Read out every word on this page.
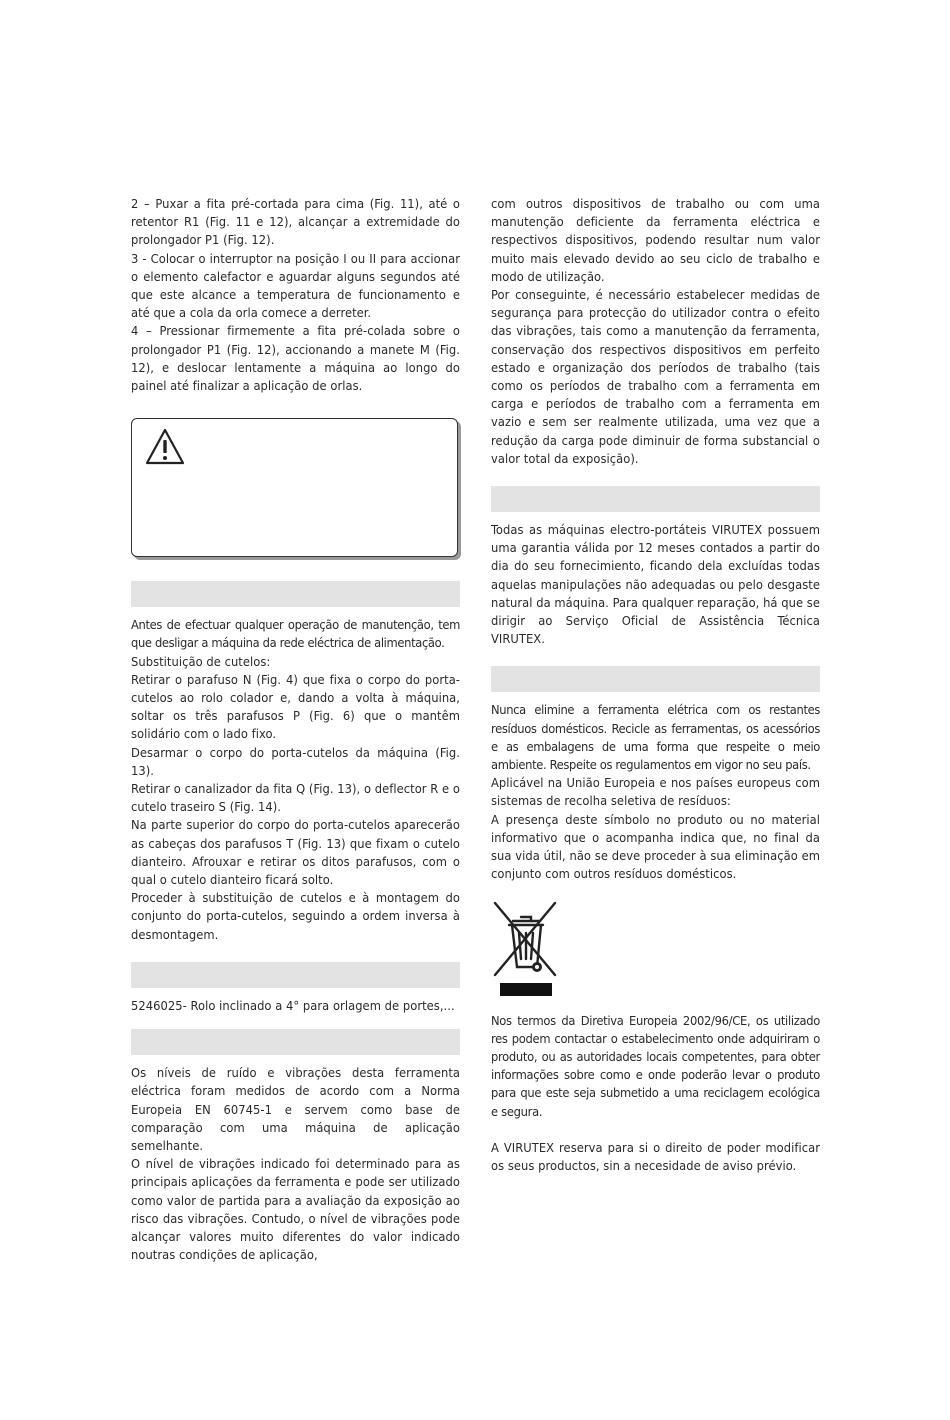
2 – Puxar a fita pré-cortada para cima (Fig. 11), até o retentor R1 (Fig. 11 e 12), alcançar a extremidade do prolongador P1 (Fig. 12).

3 - Colocar o interruptor na posição I ou II para accionar o elemento calefactor e aguardar alguns segundos até que este alcance a temperatura de funcionamento e até que a cola da orla comece a derreter.

4 – Pressionar firmemente a fita pré-colada sobre o prolongador P1 (Fig. 12), accionando a manete M (Fig. 12), e deslocar lentamente a máquina ao longo do painel até finalizar a aplicação de orlas.

Antes de efectuar qualquer operação de manutenção, tem que desligar a máquina da rede eléctrica de alimentação.

Substituição de cutelos:

Retirar o parafuso N (Fig. 4) que fixa o corpo do porta-cutelos ao rolo colador e, dando a volta à máquina, soltar os três parafusos P (Fig. 6) que o mantêm solidário com o lado fixo.

Desarmar o corpo do porta-cutelos da máquina (Fig. 13).

Retirar o canalizador da fita Q (Fig. 13), o deflector R e o cutelo traseiro S (Fig. 14).

Na parte superior do corpo do porta-cutelos aparecerão as cabeças dos parafusos T (Fig. 13) que fixam o cutelo dianteiro. Afrouxar e retirar os ditos parafusos, com o qual o cutelo dianteiro ficará solto.

Proceder à substituição de cutelos e à montagem do conjunto do porta-cutelos, seguindo a ordem inversa à desmontagem.

5246025- Rolo inclinado a 4° para orlagem de portes,...

Os níveis de ruído e vibrações desta ferramenta eléctrica foram medidos de acordo com a Norma Europeia EN 60745-1 e servem como base de comparação com uma máquina de aplicação semelhante.

O nível de vibrações indicado foi determinado para as principais aplicações da ferramenta e pode ser utilizado como valor de partida para a avaliação da exposição ao risco das vibrações. Contudo, o nível de vibrações pode alcançar valores muito diferentes do valor indicado noutras condições de aplicação,

com outros dispositivos de trabalho ou com uma manutenção deficiente da ferramenta eléctrica e respectivos dispositivos, podendo resultar num valor muito mais elevado devido ao seu ciclo de trabalho e modo de utilização.

Por conseguinte, é necessário estabelecer medidas de segurança para protecção do utilizador contra o efeito das vibrações, tais como a manutenção da ferramenta, conservação dos respectivos dispositivos em perfeito estado e organização dos períodos de trabalho (tais como os períodos de trabalho com a ferramenta em carga e períodos de trabalho com a ferramenta em vazio e sem ser realmente utilizada, uma vez que a redução da carga pode diminuir de forma substancial o valor total da exposição).

Todas as máquinas electro-portáteis VIRUTEX possuem uma garantia válida por 12 meses contados a partir do dia do seu fornecimiento, ficando dela excluídas todas aquelas manipulações não adequadas ou pelo desgaste natural da máquina. Para qualquer reparação, há que se dirigir ao Serviço Oficial de Assistência Técnica VIRUTEX.

Nunca elimine a ferramenta elétrica com os restantes resíduos domésticos. Recicle as ferramentas, os acessórios e as embalagens de uma forma que respeite o meio ambiente. Respeite os regulamentos em vigor no seu país.

Aplicável na União Europeia e nos países europeus com sistemas de recolha seletiva de resíduos:

A presença deste símbolo no produto ou no material informativo que o acompanha indica que, no final da sua vida útil, não se deve proceder à sua eliminação em conjunto com outros resíduos domésticos.

Nos termos da Diretiva Europeia 2002/96/CE, os utilizado res podem contactar o estabelecimento onde adquiriram o produto, ou as autoridades locais competentes, para obter informações sobre como e onde poderão levar o produto para que este seja submetido a uma reciclagem ecológica e segura.

A VIRUTEX reserva para si o direito de poder modificar os seus productos, sin a necesidade de aviso prévio.
